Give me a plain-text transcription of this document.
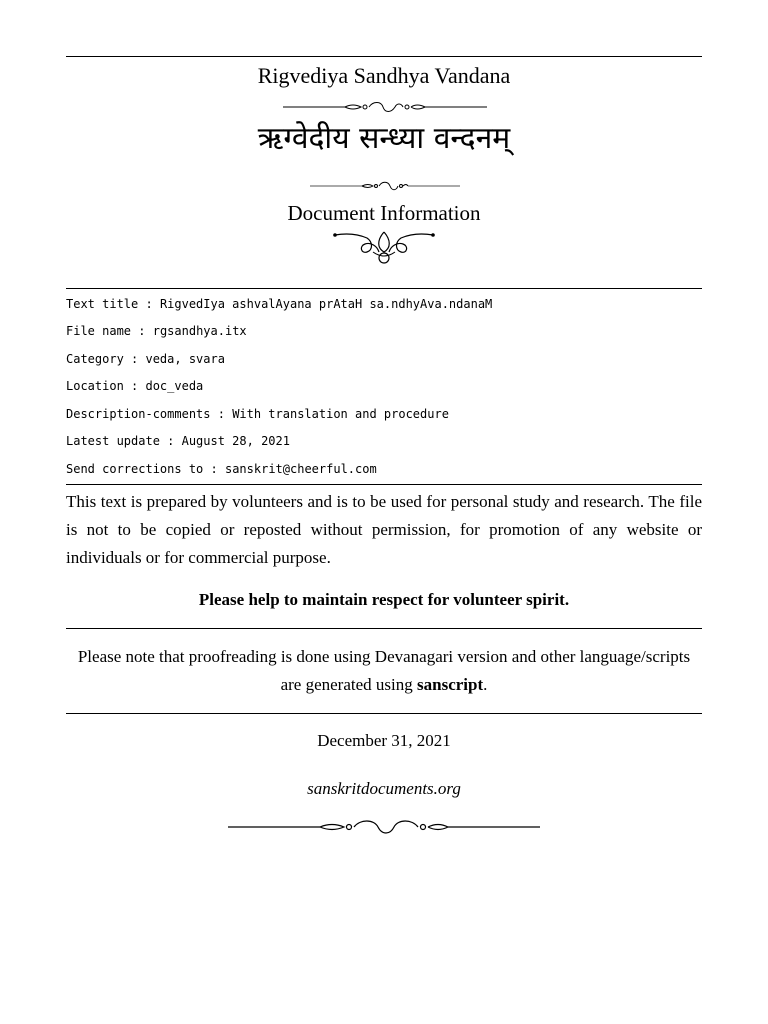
Rigvediya Sandhya Vandana
ऋग्वेदीय सन्ध्या वन्दनम्
Document Information
Text title : RigvedIya ashvalAyana prAtaH sa.ndhyAva.ndanaM
File name : rgsandhya.itx
Category : veda, svara
Location : doc_veda
Description-comments : With translation and procedure
Latest update : August 28, 2021
Send corrections to : sanskrit@cheerful.com
This text is prepared by volunteers and is to be used for personal study and research. The file is not to be copied or reposted without permission, for promotion of any website or individuals or for commercial purpose.
Please help to maintain respect for volunteer spirit.
Please note that proofreading is done using Devanagari version and other language/scripts are generated using sanscript.
December 31, 2021
sanskritdocuments.org
